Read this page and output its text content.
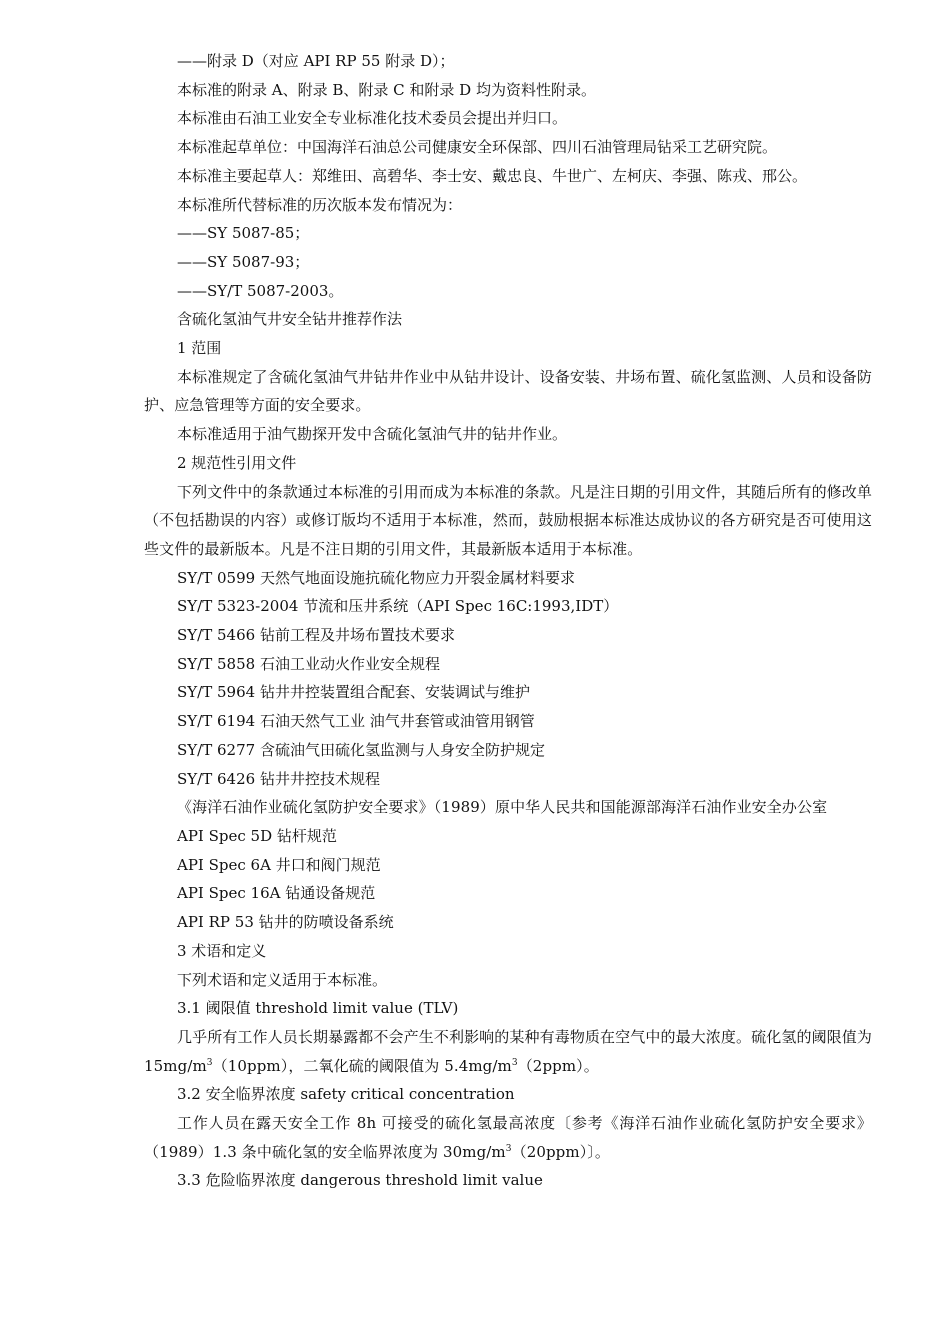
——附录 D（对应 API RP 55 附录 D）；

本标准的附录 A、附录 B、附录 C 和附录 D 均为资料性附录。

本标准由石油工业安全专业标准化技术委员会提出并归口。

本标准起草单位：中国海洋石油总公司健康安全环保部、四川石油管理局钻采工艺研究院。

本标准主要起草人：郑维田、高碧华、李士安、戴忠良、牛世广、左柯庆、李强、陈戎、邢公。

本标准所代替标准的历次版本发布情况为：

——SY 5087-85；

——SY 5087-93；

——SY/T 5087-2003。

含硫化氢油气井安全钻井推荐作法

1 范围

本标准规定了含硫化氢油气井钻井作业中从钻井设计、设备安装、井场布置、硫化氢监测、人员和设备防护、应急管理等方面的安全要求。

本标准适用于油气勘探开发中含硫化氢油气井的钻井作业。

2 规范性引用文件

下列文件中的条款通过本标准的引用而成为本标准的条款。凡是注日期的引用文件，其随后所有的修改单（不包括勘误的内容）或修订版均不适用于本标准，然而，鼓励根据本标准达成协议的各方研究是否可使用这些文件的最新版本。凡是不注日期的引用文件，其最新版本适用于本标准。

SY/T 0599 天然气地面设施抗硫化物应力开裂金属材料要求

SY/T 5323-2004 节流和压井系统（API Spec 16C:1993,IDT）

SY/T 5466 钻前工程及井场布置技术要求

SY/T 5858 石油工业动火作业安全规程

SY/T 5964 钻井井控装置组合配套、安装调试与维护

SY/T 6194 石油天然气工业 油气井套管或油管用钢管

SY/T 6277 含硫油气田硫化氢监测与人身安全防护规定

SY/T 6426 钻井井控技术规程

《海洋石油作业硫化氢防护安全要求》（1989）原中华人民共和国能源部海洋石油作业安全办公室

API Spec 5D 钻杆规范

API Spec 6A 井口和阀门规范

API Spec 16A 钻通设备规范

API RP 53 钻井的防喷设备系统

3 术语和定义

下列术语和定义适用于本标准。

3.1 阈限值 threshold limit value (TLV)

几乎所有工作人员长期暴露都不会产生不利影响的某种有毒物质在空气中的最大浓度。硫化氢的阈限值为 $15mg/m^3(10ppm)$，二氧化硫的阈限值为 $5.4mg/m^3(2ppm)$。

3.2 安全临界浓度 safety critical concentration

工作人员在露天安全工作 8h 可接受的硫化氢最高浓度〔参考《海洋石油作业硫化氢防护安全要求》（1989）1.3 条中硫化氢的安全临界浓度为 $30mg/m^3(20ppm)$〕。

3.3 危险临界浓度 dangerous threshold limit value
